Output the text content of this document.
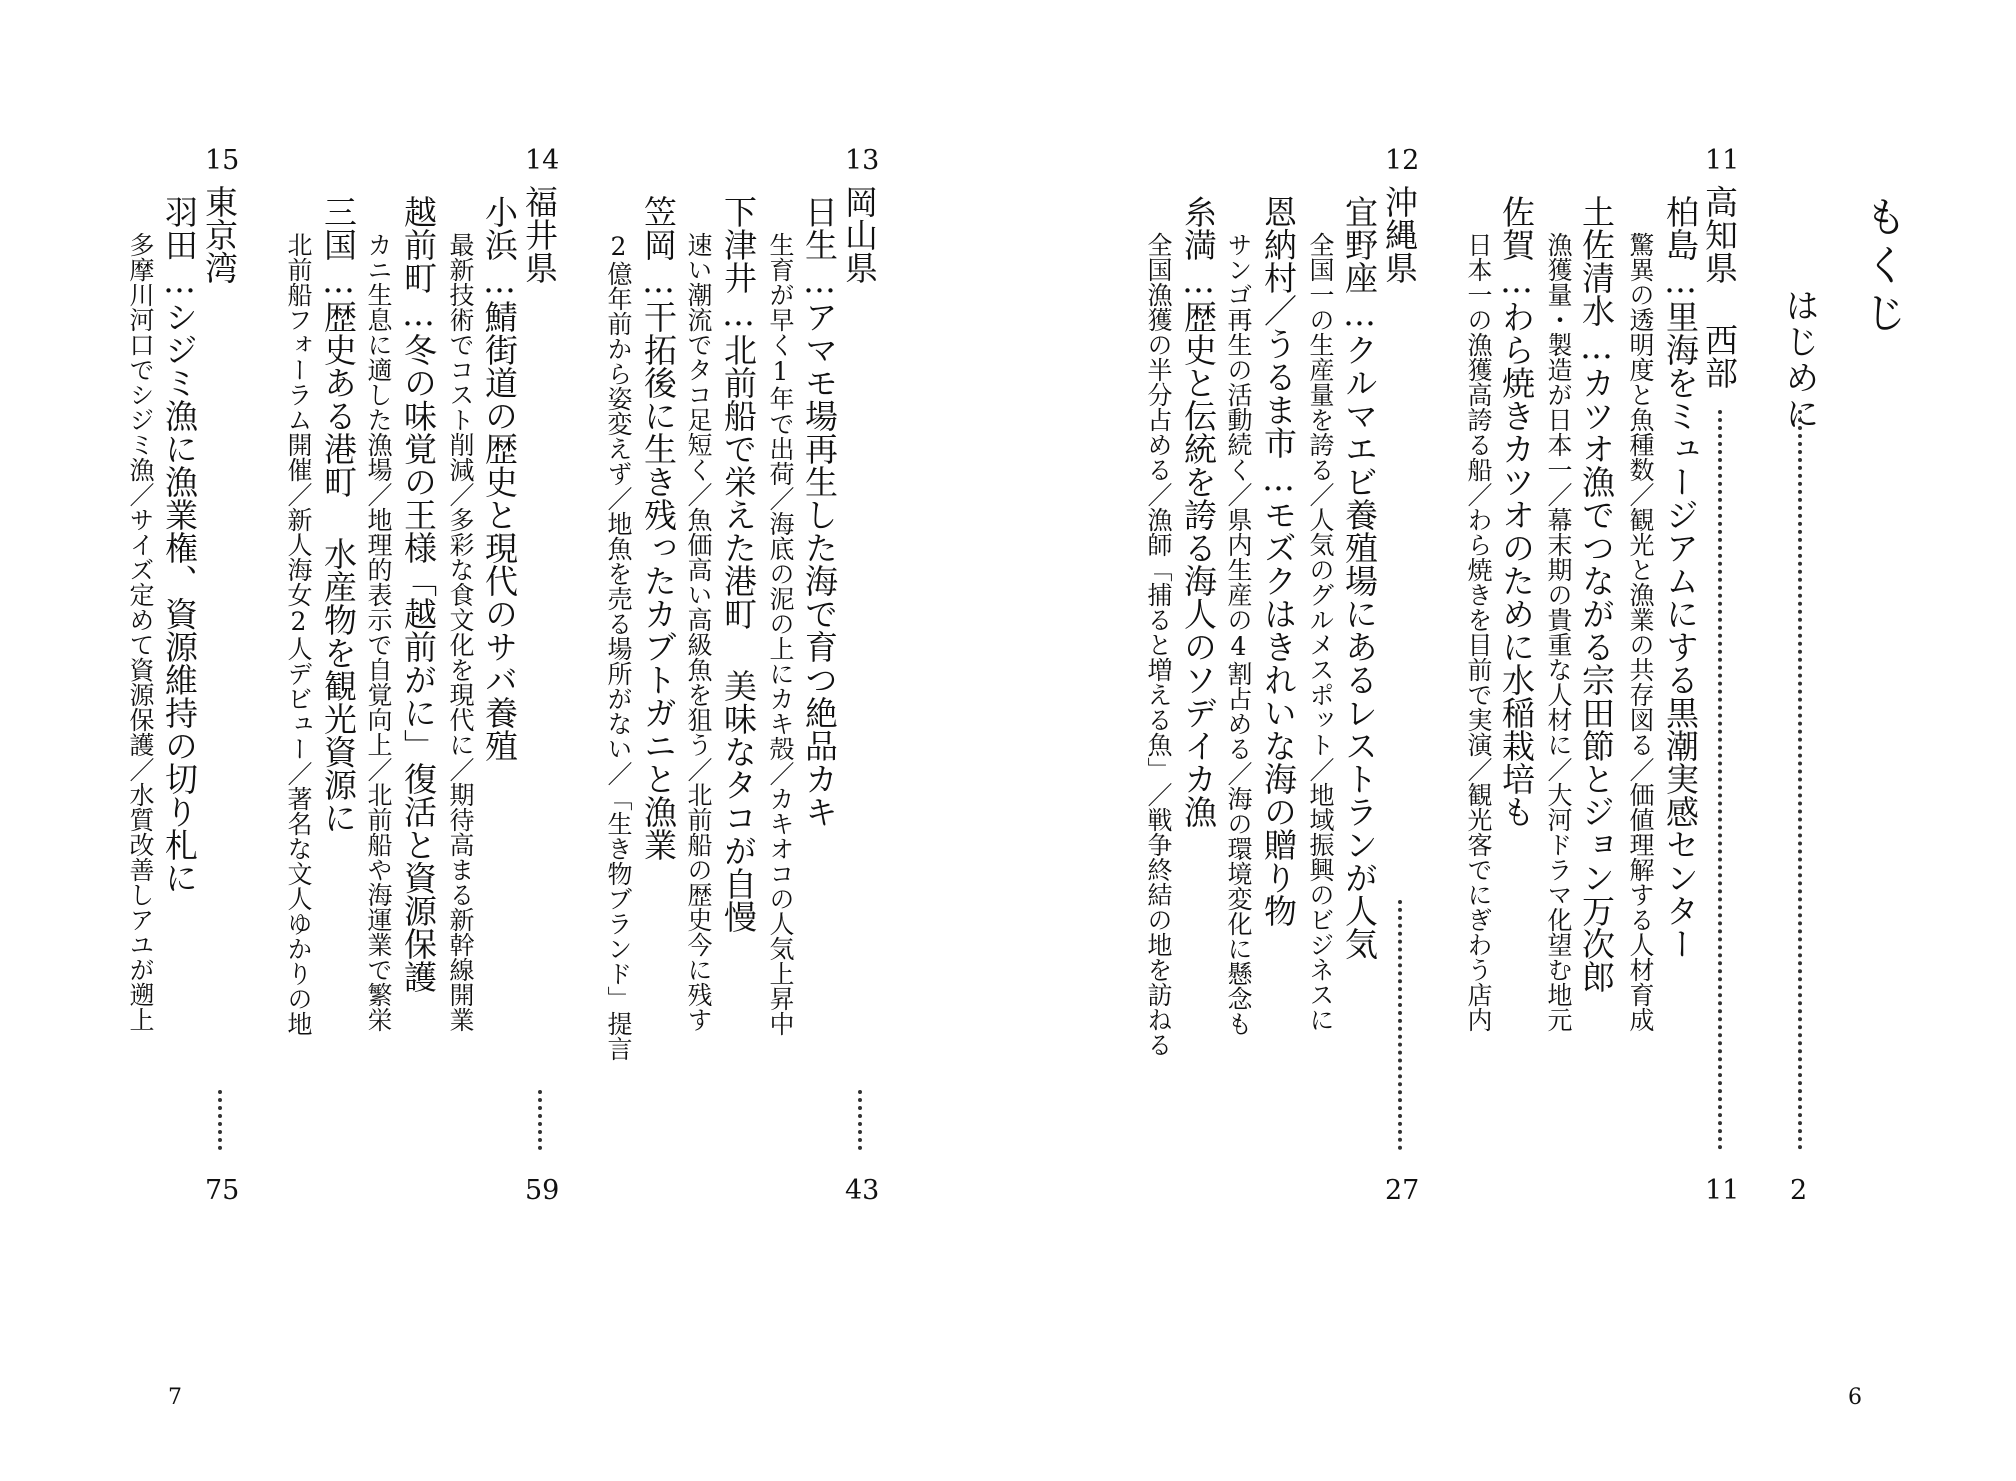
もくじ
はじめに
2
11
高知県 西部
11
柏島…里海をミュージアムにする黒潮実感センター
驚異の透明度と魚種数／観光と漁業の共存図る／価値理解する人材育成
土佐清水…カツオ漁でつながる宗田節とジョン万次郎
漁獲量・製造が日本一／幕末期の貴重な人材に／大河ドラマ化望む地元
佐賀…わら焼きカツオのために水稲栽培も
日本一の漁獲高誇る船／わら焼きを目前で実演／観光客でにぎわう店内
12
沖縄県
27
宜野座…クルマエビ養殖場にあるレストランが人気
全国一の生産量を誇る／人気のグルメスポット／地域振興のビジネスに
恩納村／うるま市…モズクはきれいな海の贈り物
サンゴ再生の活動続く／県内生産の4割占める／海の環境変化に懸念も
糸満…歴史と伝統を誇る海人のソデイカ漁
全国漁獲の半分占める／漁師「捕ると増える魚」／戦争終結の地を訪ねる
13
岡山県
43
日生…アマモ場再生した海で育つ絶品カキ
生育が早く1年で出荷／海底の泥の上にカキ殻／カキオコの人気上昇中
下津井…北前船で栄えた港町 美味なタコが自慢
速い潮流でタコ足短く／魚価高い高級魚を狙う／北前船の歴史今に残す
笠岡…干拓後に生き残ったカブトガニと漁業
2億年前から姿変えず／地魚を売る場所がない／「生き物ブランド」提言
14
福井県
59
小浜…鯖街道の歴史と現代のサバ養殖
最新技術でコスト削減／多彩な食文化を現代に／期待高まる新幹線開業
越前町…冬の味覚の王様「越前がに」復活と資源保護
カニ生息に適した漁場／地理的表示で自覚向上／北前船や海運業で繁栄
三国…歴史ある港町 水産物を観光資源に
北前船フォーラム開催／新人海女2人デビュー／著名な文人ゆかりの地
15
東京湾
75
羽田…シジミ漁に漁業権、資源維持の切り札に
多摩川河口でシジミ漁／サイズ定めて資源保護／水質改善しアユが遡上
7	6
